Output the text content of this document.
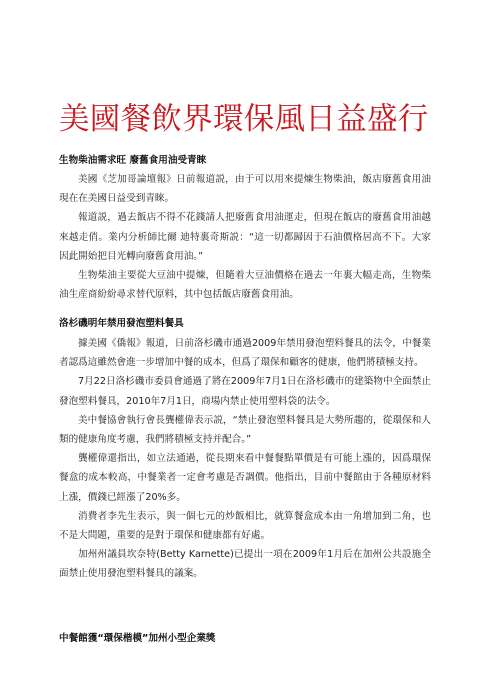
美國餐飲界環保風日益盛行

生物柴油需求旺 廢舊食用油受青睞

美國《芝加哥論壇報》日前報道説，由于可以用來提煉生物柴油，飯店廢舊食用油現在在美國日益受到青睞。

報道説，過去飯店不得不花錢請人把廢舊食用油運走，但現在飯店的廢舊食用油越來越走俏。業内分析師比爾 迪特裏奇斯説：“這一切都歸因于石油價格居高不下。大家因此開始把目光轉向廢舊食用油。”

生物柴油主要從大豆油中提煉，但隨着大豆油價格在過去一年裏大幅走高，生物柴油生産商紛紛尋求替代原料，其中包括飯店廢舊食用油。

洛杉磯明年禁用發泡塑料餐具

據美國《僑報》報道，日前洛杉磯市通過2009年禁用發泡塑料餐具的法令，中餐業者認爲這雖然會進一步增加中餐的成本，但爲了環保和顧客的健康，他們將積極支持。

7月22日洛杉磯市委員會通過了將在2009年7月1日在洛杉磯市的建築物中全面禁止發泡塑料餐具，2010年7月1日，商場内禁止使用塑料袋的法令。

美中餐協會執行會長龔權偉表示説，“禁止發泡塑料餐具是大勢所趨的，從環保和人類的健康角度考慮，我們將積極支持并配合。”

龔權偉還指出，如立法通過，從長期來看中餐餐點單價是有可能上漲的，因爲環保餐盒的成本較高，中餐業者一定會考慮是否調價。他指出，目前中餐館由于各種原材料上漲，價錢已經漲了20%多。

消費者李先生表示，與一個七元的炒飯相比，就算餐盒成本由一角增加到二角，也不是大問題，重要的是對于環保和健康都有好處。

加州州議員坎奈特(Betty Karnette)已提出一項在2009年1月后在加州公共設施全面禁止使用發泡塑料餐具的議案。

中餐館獲“環保楷模”加州小型企業獎
